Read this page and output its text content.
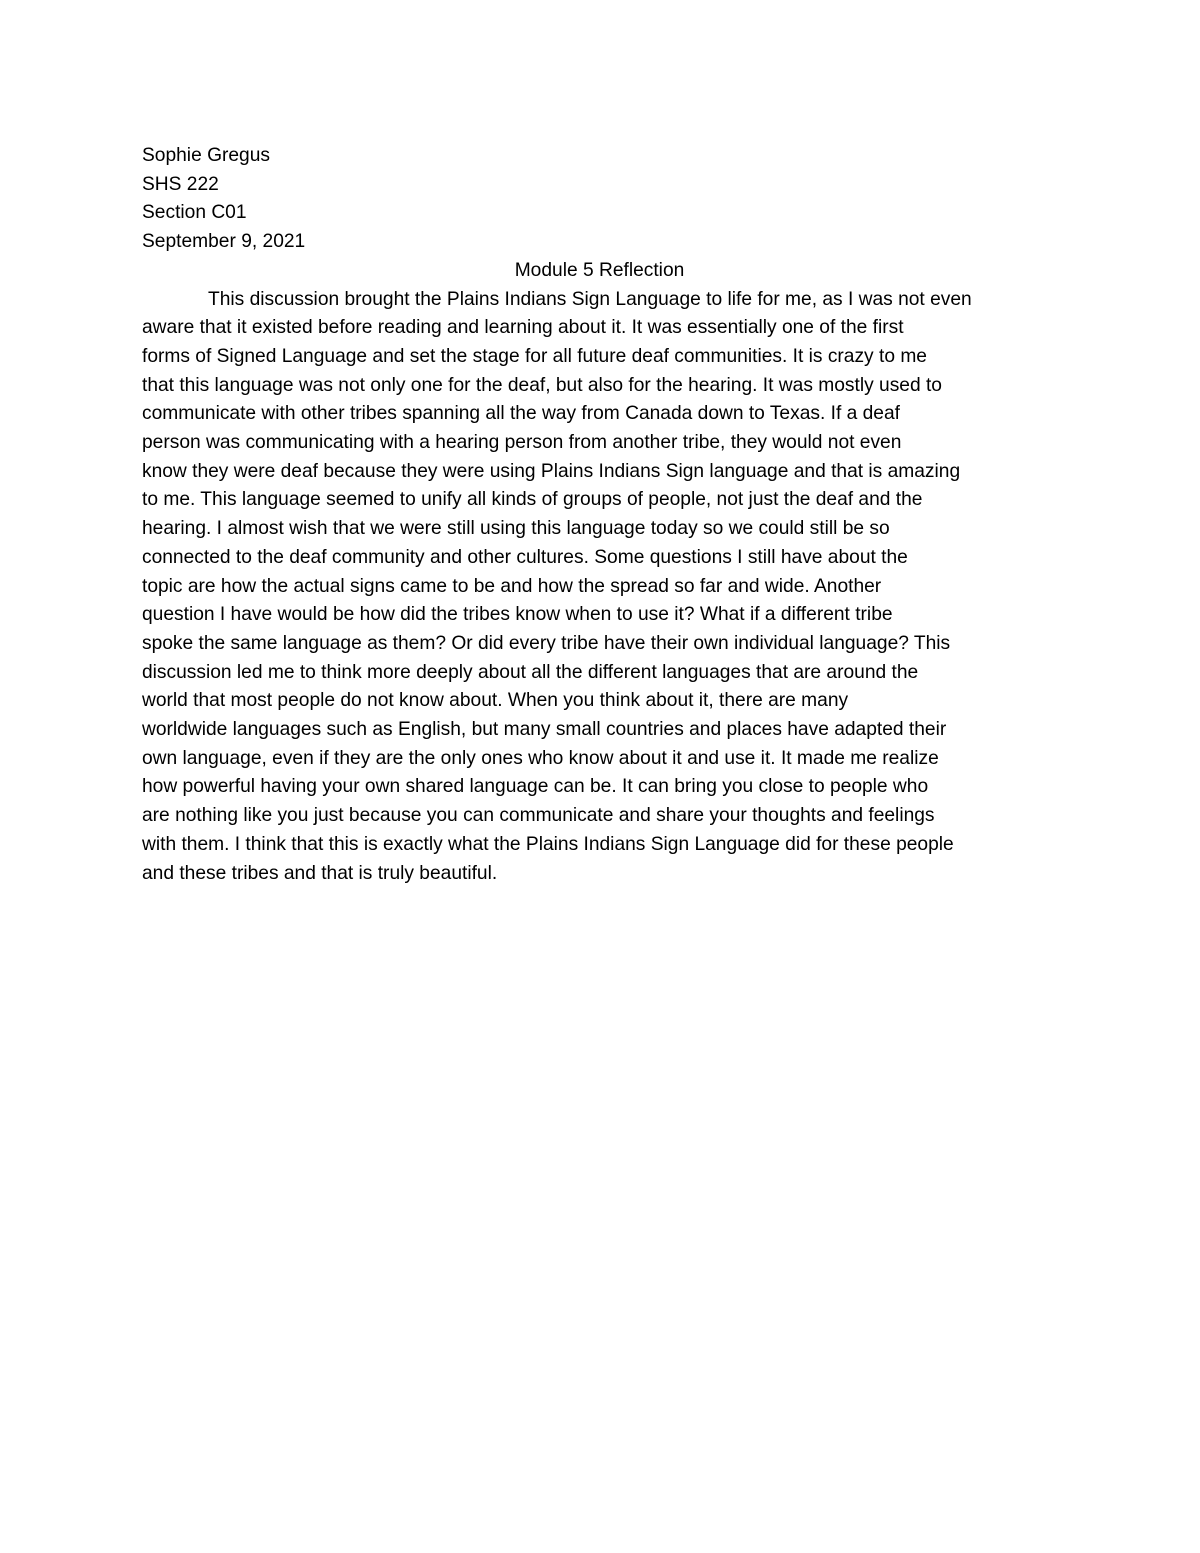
Sophie Gregus
SHS 222
Section C01
September 9, 2021
Module 5 Reflection
This discussion brought the Plains Indians Sign Language to life for me, as I was not even
aware that it existed before reading and learning about it. It was essentially one of the first
forms of Signed Language and set the stage for all future deaf communities. It is crazy to me
that this language was not only one for the deaf, but also for the hearing. It was mostly used to
communicate with other tribes spanning all the way from Canada down to Texas. If a deaf
person was communicating with a hearing person from another tribe, they would not even
know they were deaf because they were using Plains Indians Sign language and that is amazing
to me. This language seemed to unify all kinds of groups of people, not just the deaf and the
hearing. I almost wish that we were still using this language today so we could still be so
connected to the deaf community and other cultures. Some questions I still have about the
topic are how the actual signs came to be and how the spread so far and wide. Another
question I have would be how did the tribes know when to use it? What if a different tribe
spoke the same language as them? Or did every tribe have their own individual language? This
discussion led me to think more deeply about all the different languages that are around the
world that most people do not know about. When you think about it, there are many
worldwide languages such as English, but many small countries and places have adapted their
own language, even if they are the only ones who know about it and use it. It made me realize
how powerful having your own shared language can be. It can bring you close to people who
are nothing like you just because you can communicate and share your thoughts and feelings
with them. I think that this is exactly what the Plains Indians Sign Language did for these people
and these tribes and that is truly beautiful.
